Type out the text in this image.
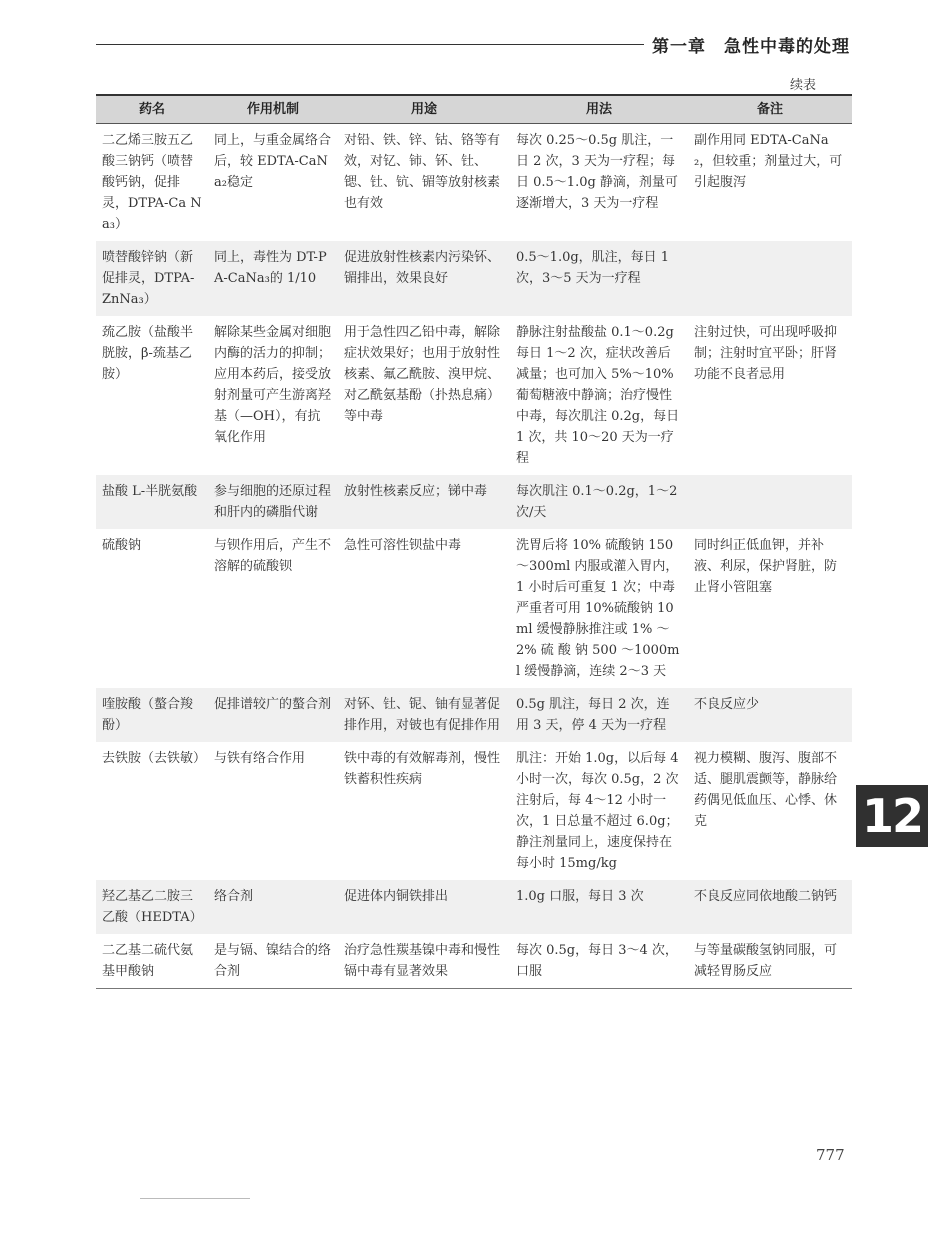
第一章　急性中毒的处理
续表
药名	作用机制	用途	用法	备注
二乙烯三胺五乙酸三钠钙（喷替酸钙钠，促排灵，DTPA-Ca Na₃）	同上，与重金属络合后，较 EDTA-CaNa₂稳定	对铅、铁、锌、钴、铬等有效，对钇、铈、钚、钍、锶、钍、钪、镅等放射核素也有效	每次 0.25～0.5g 肌注，一日 2 次，3 天为一疗程；每日 0.5～1.0g 静滴，剂量可逐渐增大，3 天为一疗程	副作用同 EDTA-CaNa₂，但较重；剂量过大，可引起腹泻
喷替酸锌钠（新促排灵，DTPA-ZnNa₃）	同上，毒性为 DT-PA-CaNa₃的 1/10	促进放射性核素内污染钚、镅排出，效果良好	0.5～1.0g，肌注，每日 1 次，3～5 天为一疗程	
巯乙胺（盐酸半胱胺，β-巯基乙胺）	解除某些金属对细胞内酶的活力的抑制；应用本药后，接受放射剂量可产生游离羟基（—OH），有抗氧化作用	用于急性四乙铅中毒，解除症状效果好；也用于放射性核素、氟乙酰胺、溴甲烷、对乙酰氨基酚（扑热息痛）等中毒	静脉注射盐酸盐 0.1～0.2g 每日 1～2 次，症状改善后减量；也可加入 5%～10% 葡萄糖液中静滴；治疗慢性中毒，每次肌注 0.2g，每日 1 次，共 10～20 天为一疗程	注射过快，可出现呼吸抑制；注射时宜平卧；肝肾功能不良者忌用
盐酸 L-半胱氨酸	参与细胞的还原过程和肝内的磷脂代谢	放射性核素反应；锑中毒	每次肌注 0.1～0.2g，1～2 次/天	
硫酸钠	与钡作用后，产生不溶解的硫酸钡	急性可溶性钡盐中毒	洗胃后将 10% 硫酸钠 150～300ml 内服或灌入胃内，1 小时后可重复 1 次；中毒严重者可用 10%硫酸钠 10ml 缓慢静脉推注或 1% ～2% 硫 酸 钠 500 ～1000ml 缓慢静滴，连续 2～3 天	同时纠正低血钾，并补液、利尿，保护肾脏，防止肾小管阻塞
喹胺酸（螯合羧酚）	促排谱较广的螯合剂	对钚、钍、铌、铀有显著促排作用，对铍也有促排作用	0.5g 肌注，每日 2 次，连用 3 天，停 4 天为一疗程	不良反应少
去铁胺（去铁敏）	与铁有络合作用	铁中毒的有效解毒剂，慢性铁蓄积性疾病	肌注：开始 1.0g，以后每 4 小时一次，每次 0.5g，2 次注射后，每 4～12 小时一次，1 日总量不超过 6.0g；静注剂量同上，速度保持在每小时 15mg/kg	视力模糊、腹泻、腹部不适、腿肌震颤等，静脉给药偶见低血压、心悸、休克
羟乙基乙二胺三乙酸（HEDTA）	络合剂	促进体内铜铁排出	1.0g 口服，每日 3 次	不良反应同依地酸二钠钙
二乙基二硫代氨基甲酸钠	是与镉、镍结合的络合剂	治疗急性羰基镍中毒和慢性镉中毒有显著效果	每次 0.5g，每日 3～4 次，口服	与等量碳酸氢钠同服，可减轻胃肠反应
12
777
